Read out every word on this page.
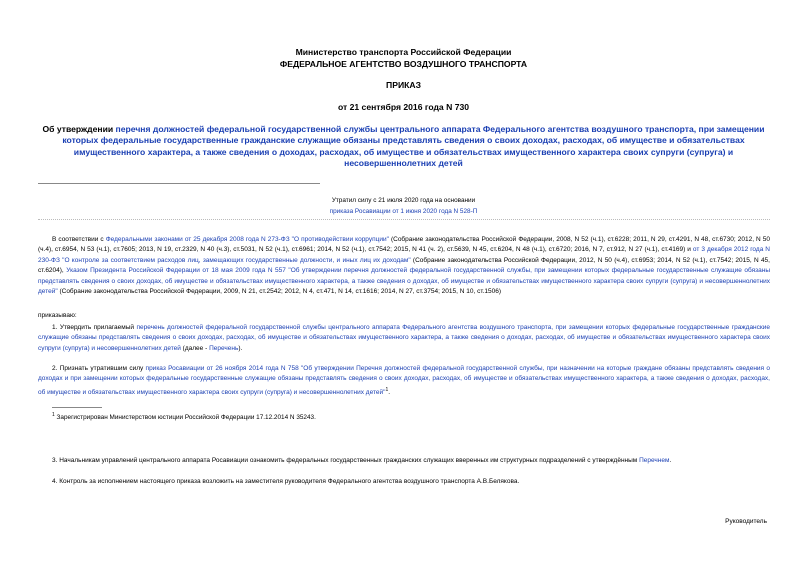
Министерство транспорта Российской Федерации
ФЕДЕРАЛЬНОЕ АГЕНТСТВО ВОЗДУШНОГО ТРАНСПОРТА
ПРИКАЗ
от 21 сентября 2016 года N 730
Об утверждении перечня должностей федеральной государственной службы центрального аппарата Федерального агентства воздушного транспорта, при замещении которых федеральные государственные гражданские служащие обязаны представлять сведения о своих доходах, расходах, об имуществе и обязательствах имущественного характера, а также сведения о доходах, расходах, об имуществе и обязательствах имущественного характера своих супруги (супруга) и несовершеннолетних детей
Утратил силу с 21 июля 2020 года на основании
приказа Росавиации от 1 июня 2020 года N 528-П
В соответствии с Федеральными законами от 25 декабря 2008 года N 273-ФЗ "О противодействии коррупции" (Собрание законодательства Российской Федерации, 2008, N 52 (ч.1), ст.6228; 2011, N 29, ст.4291, N 48, ст.6730; 2012, N 50 (ч.4), ст.6954, N 53 (ч.1), ст.7605; 2013, N 19, ст.2329, N 40 (ч.3), ст.5031, N 52 (ч.1), ст.6961; 2014, N 52 (ч.1), ст.7542; 2015, N 41 (ч. 2), ст.5639, N 45, ст.6204, N 48 (ч.1), ст.6720; 2016, N 7, ст.912, N 27 (ч.1), ст.4169) и от 3 декабря 2012 года N 230-ФЗ "О контроле за соответствием расходов лиц, замещающих государственные должности, и иных лиц их доходам" (Собрание законодательства Российской Федерации, 2012, N 50 (ч.4), ст.6953; 2014, N 52 (ч.1), ст.7542; 2015, N 45, ст.6204), Указом Президента Российской Федерации от 18 мая 2009 года N 557 "Об утверждении перечня должностей федеральной государственной службы, при замещении которых федеральные государственные служащие обязаны представлять сведения о своих доходах, об имуществе и обязательствах имущественного характера, а также сведения о доходах, об имуществе и обязательствах имущественного характера своих супруги (супруга) и несовершеннолетних детей" (Собрание законодательства Российской Федерации, 2009, N 21, ст.2542; 2012, N 4, ст.471, N 14, ст.1616; 2014, N 27, ст.3754; 2015, N 10, ст.1506)
приказываю:
1. Утвердить прилагаемый перечень должностей федеральной государственной службы центрального аппарата Федерального агентства воздушного транспорта, при замещении которых федеральные государственные гражданские служащие обязаны представлять сведения о своих доходах, расходах, об имуществе и обязательствах имущественного характера, а также сведения о доходах, расходах, об имуществе и обязательствах имущественного характера своих супруги (супруга) и несовершеннолетних детей (далее - Перечень).
2. Признать утратившим силу приказ Росавиации от 26 ноября 2014 года N 758 "Об утверждении Перечня должностей федеральной государственной службы, при назначении на которые граждане обязаны представлять сведения о доходах и при замещении которых федеральные государственные служащие обязаны представлять сведения о своих доходах, расходах, об имуществе и обязательствах имущественного характера, а также сведения о доходах, расходах, об имуществе и обязательствах имущественного характера своих супруги (супруга) и несовершеннолетних детей"$^1$.
$^1$ Зарегистрирован Министерством юстиции Российской Федерации 17.12.2014 N 35243.
3. Начальникам управлений центрального аппарата Росавиации ознакомить федеральных государственных гражданских служащих вверенных им структурных подразделений с утверждённым Перечнем.
4. Контроль за исполнением настоящего приказа возложить на заместителя руководителя Федерального агентства воздушного транспорта А.В.Белякова.
Руководитель
